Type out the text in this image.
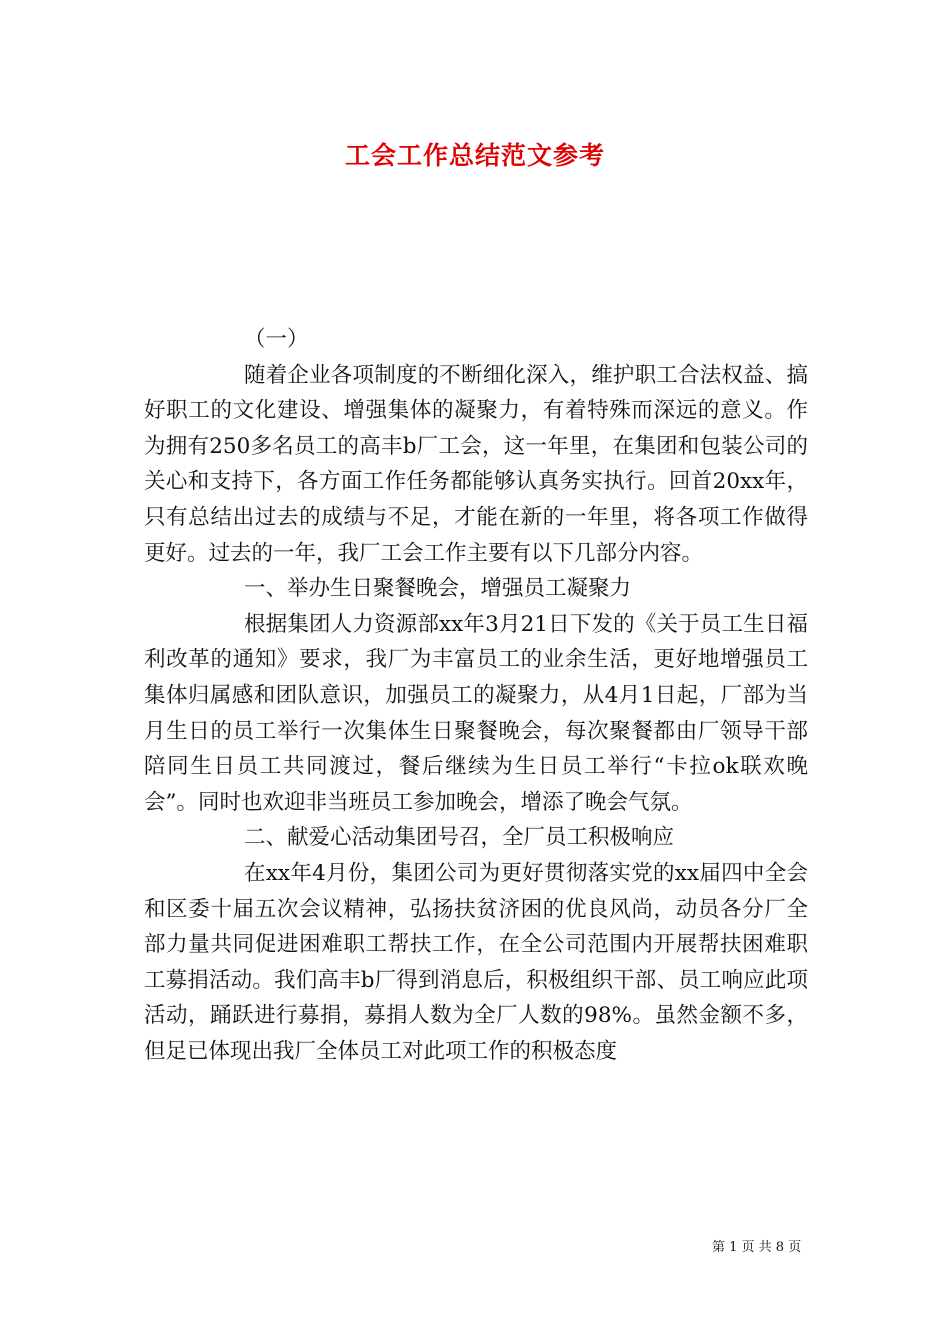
工会工作总结范文参考

（一）

随着企业各项制度的不断细化深入，维护职工合法权益、搞好职工的文化建设、增强集体的凝聚力，有着特殊而深远的意义。作为拥有250多名员工的高丰b厂工会，这一年里，在集团和包装公司的关心和支持下，各方面工作任务都能够认真务实执行。回首20xx年，只有总结出过去的成绩与不足，才能在新的一年里，将各项工作做得更好。过去的一年，我厂工会工作主要有以下几部分内容。

一、举办生日聚餐晚会，增强员工凝聚力

根据集团人力资源部xx年3月21日下发的《关于员工生日福利改革的通知》要求，我厂为丰富员工的业余生活，更好地增强员工集体归属感和团队意识，加强员工的凝聚力，从4月1日起，厂部为当月生日的员工举行一次集体生日聚餐晚会，每次聚餐都由厂领导干部陪同生日员工共同渡过，餐后继续为生日员工举行“卡拉ok联欢晚会”。同时也欢迎非当班员工参加晚会，增添了晚会气氛。

二、献爱心活动集团号召，全厂员工积极响应

在xx年4月份，集团公司为更好贯彻落实党的xx届四中全会和区委十届五次会议精神，弘扬扶贫济困的优良风尚，动员各分厂全部力量共同促进困难职工帮扶工作，在全公司范围内开展帮扶困难职工募捐活动。我们高丰b厂得到消息后，积极组织干部、员工响应此项活动，踊跃进行募捐，募捐人数为全厂人数的98%。虽然金额不多，但足已体现出我厂全体员工对此项工作的积极态度

第 1 页 共 8 页
